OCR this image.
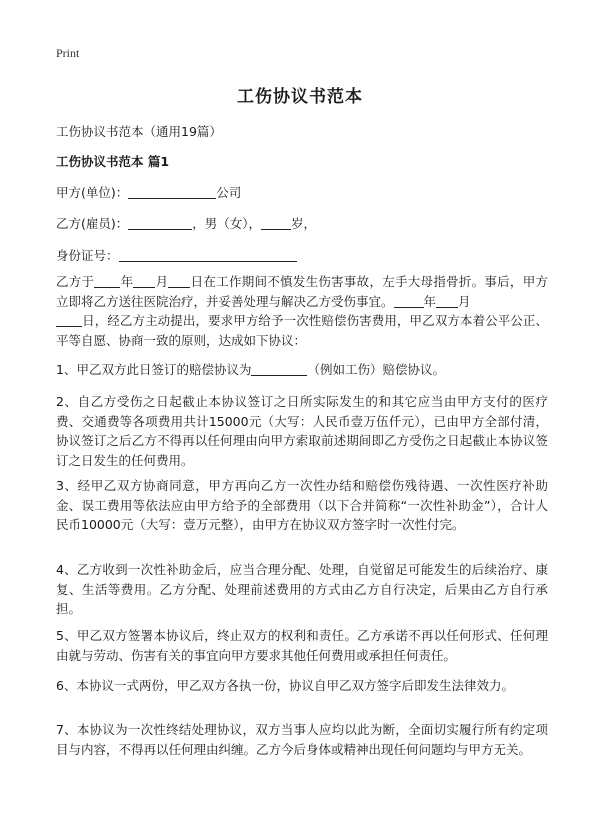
Print
工伤协议书范本
工伤协议书范本（通用19篇）
工伤协议书范本 篇1
甲方(单位)：	公司
乙方(雇员)：	，男（女）， 岁，
身份证号：
乙方于 年 月 日在工作期间不慎发生伤害事故，左手大母指骨折。事后，甲方立即将乙方送往医院治疗，并妥善处理与解决乙方受伤事宜。 年 月
日，经乙方主动提出，要求甲方给予一次性赔偿伤害费用，甲乙双方本着公平公正、平等自愿、协商一致的原则，达成如下协议：
1、甲乙双方此日签订的赔偿协议为	（例如工伤）赔偿协议。
2、自乙方受伤之日起截止本协议签订之日所实际发生的和其它应当由甲方支付的医疗费、交通费等各项费用共计15000元（大写：人民币壹万伍仟元），已由甲方全部付清，协议签订之后乙方不得再以任何理由向甲方索取前述期间即乙方受伤之日起截止本协议签订之日发生的任何费用。
3、经甲乙双方协商同意，甲方再向乙方一次性办结和赔偿伤残待遇、一次性医疗补助金、误工费用等依法应由甲方给予的全部费用（以下合并简称“一次性补助金”），合计人民币10000元（大写：壹万元整），由甲方在协议双方签字时一次性付完。
4、乙方收到一次性补助金后，应当合理分配、处理，自觉留足可能发生的后续治疗、康复、生活等费用。乙方分配、处理前述费用的方式由乙方自行决定，后果由乙方自行承担。
5、甲乙双方签署本协议后，终止双方的权利和责任。乙方承诺不再以任何形式、任何理由就与劳动、伤害有关的事宜向甲方要求其他任何费用或承担任何责任。
6、本协议一式两份，甲乙双方各执一份，协议自甲乙双方签字后即发生法律效力。
7、本协议为一次性终结处理协议，双方当事人应均以此为断，全面切实履行所有约定项目与内容，不得再以任何理由纠缠。乙方今后身体或精神出现任何问题均与甲方无关。
